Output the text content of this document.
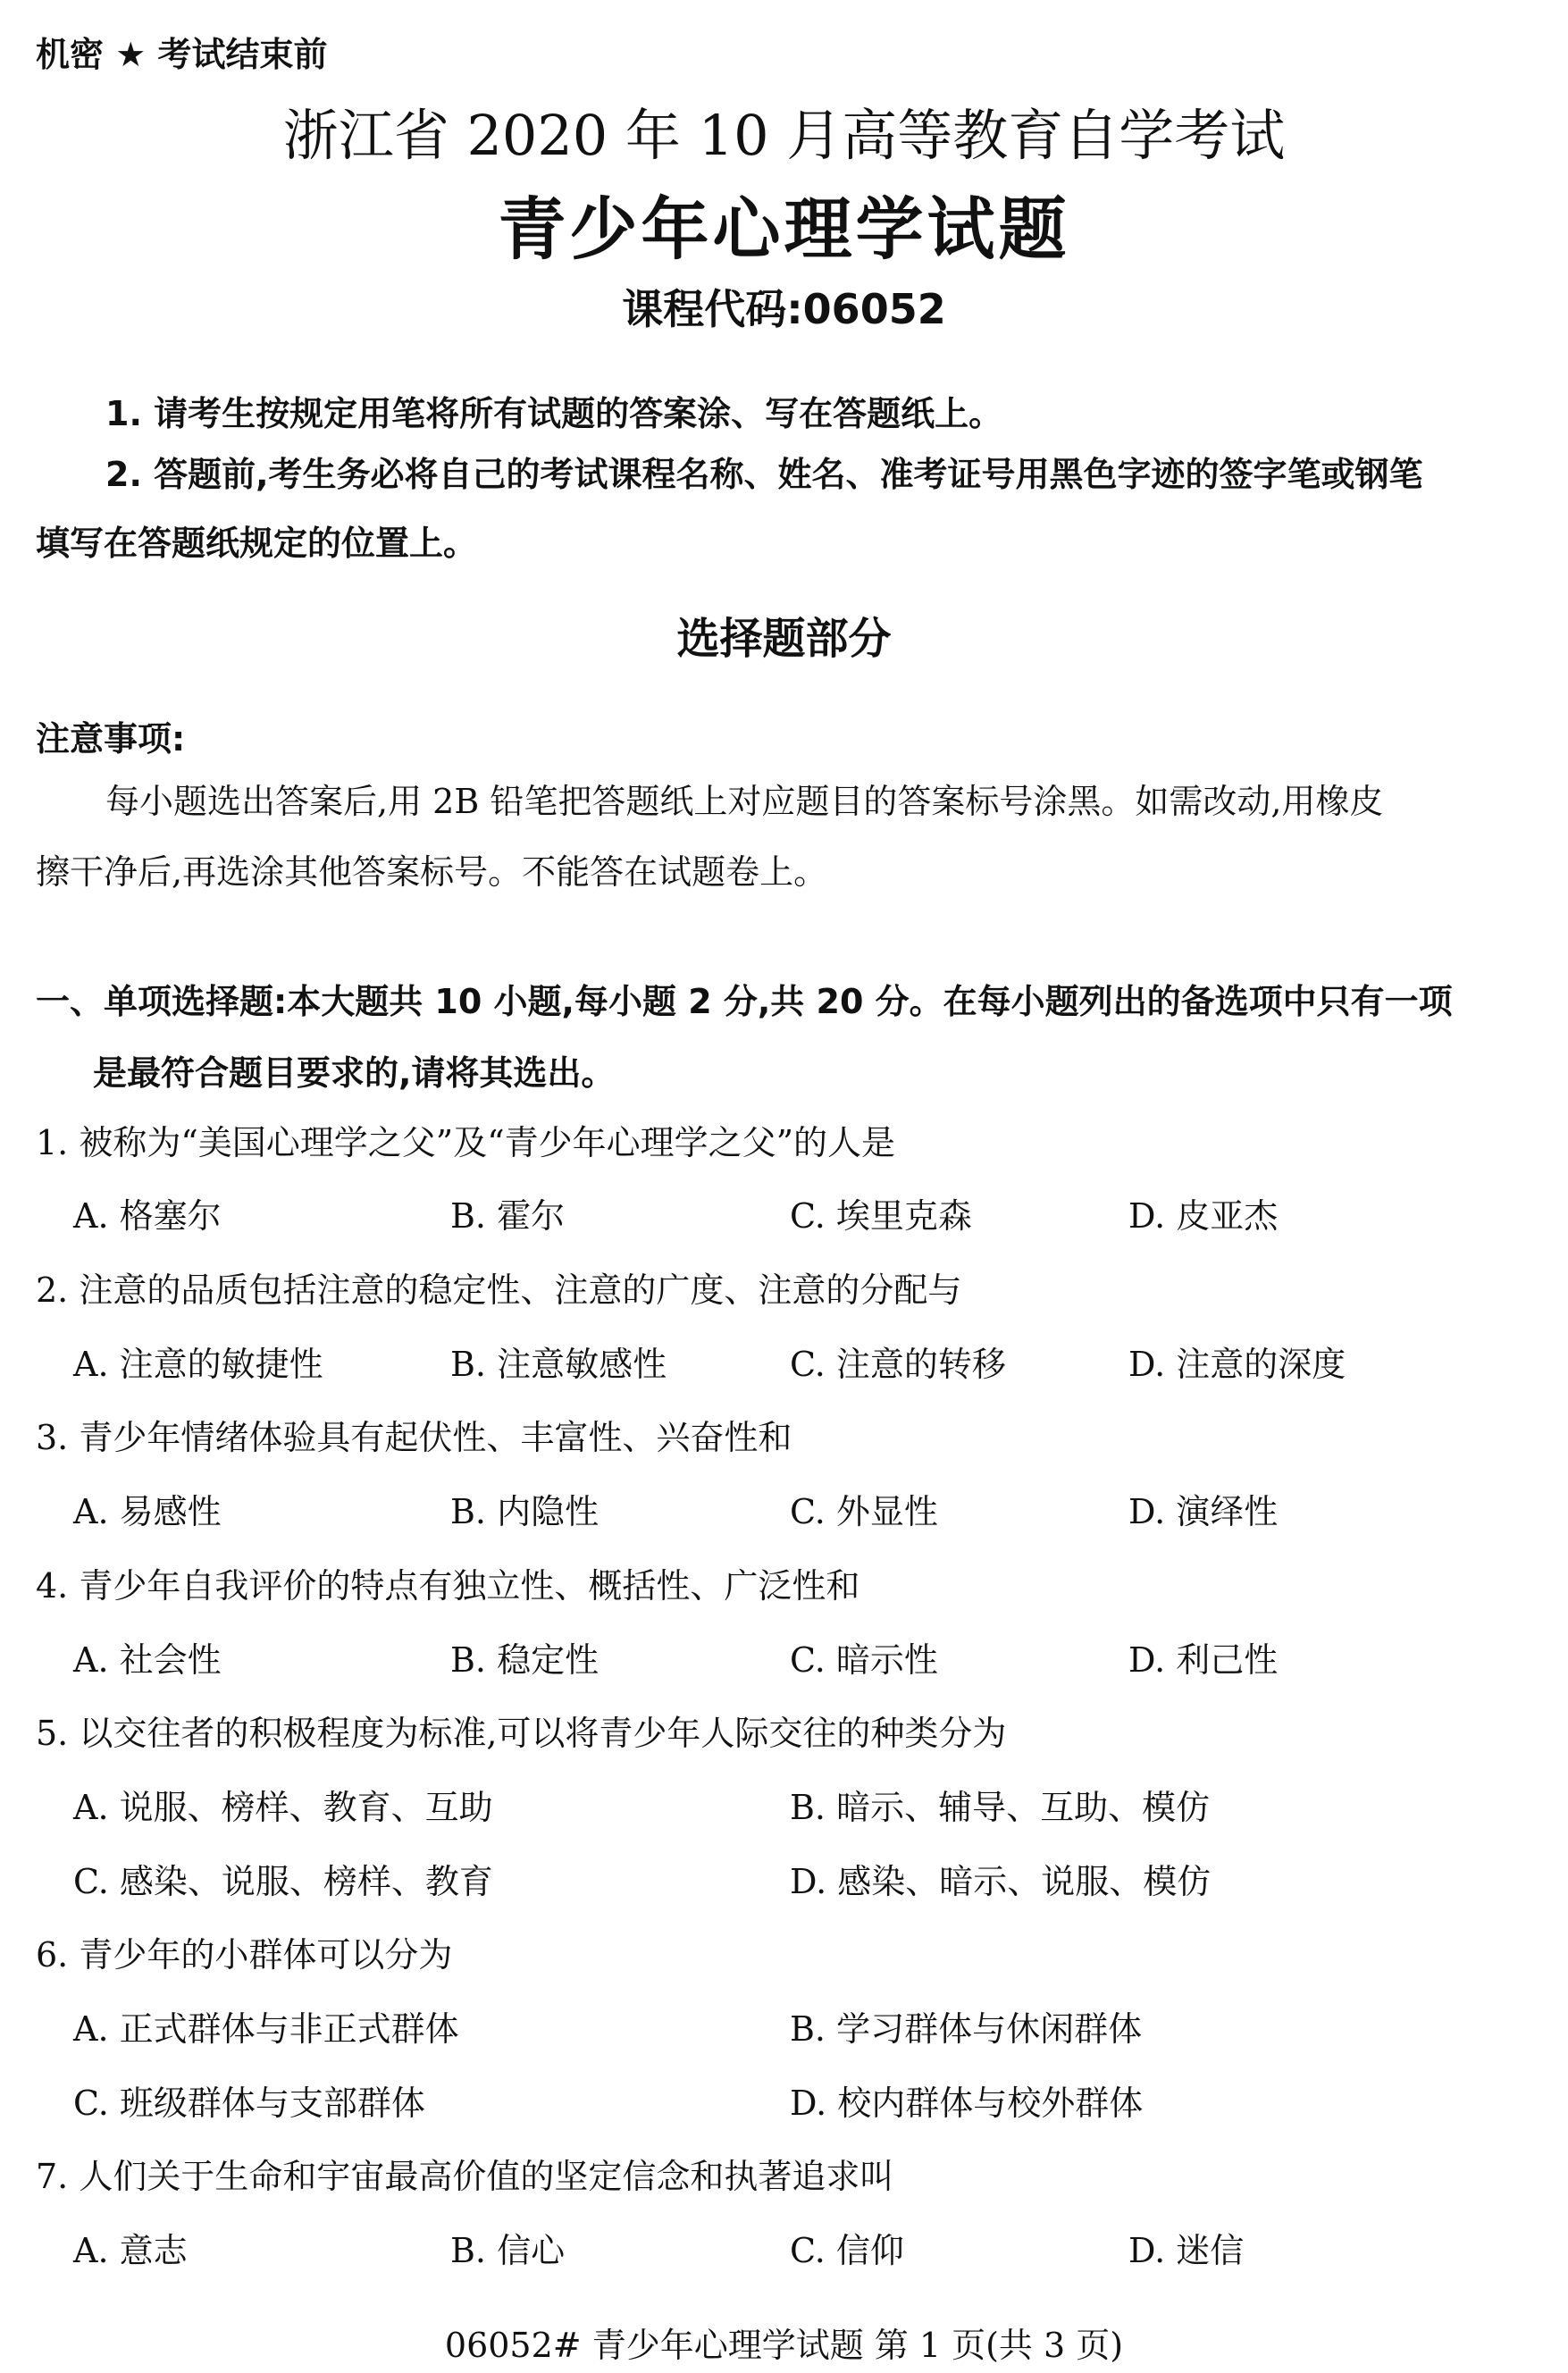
机密 ★ 考试结束前
浙江省 2020 年 10 月高等教育自学考试
青少年心理学试题
课程代码:06052
1. 请考生按规定用笔将所有试题的答案涂、写在答题纸上。
2. 答题前,考生务必将自己的考试课程名称、姓名、准考证号用黑色字迹的签字笔或钢笔
填写在答题纸规定的位置上。
选择题部分
注意事项:
每小题选出答案后,用 2B 铅笔把答题纸上对应题目的答案标号涂黑。如需改动,用橡皮
擦干净后,再选涂其他答案标号。不能答在试题卷上。
一、单项选择题:本大题共 10 小题,每小题 2 分,共 20 分。在每小题列出的备选项中只有一项
是最符合题目要求的,请将其选出。
1. 被称为“美国心理学之父”及“青少年心理学之父”的人是
A. 格塞尔	B. 霍尔	C. 埃里克森	D. 皮亚杰
2. 注意的品质包括注意的稳定性、注意的广度、注意的分配与
A. 注意的敏捷性	B. 注意敏感性	C. 注意的转移	D. 注意的深度
3. 青少年情绪体验具有起伏性、丰富性、兴奋性和
A. 易感性	B. 内隐性	C. 外显性	D. 演绎性
4. 青少年自我评价的特点有独立性、概括性、广泛性和
A. 社会性	B. 稳定性	C. 暗示性	D. 利己性
5. 以交往者的积极程度为标准,可以将青少年人际交往的种类分为
A. 说服、榜样、教育、互助	B. 暗示、辅导、互助、模仿
C. 感染、说服、榜样、教育	D. 感染、暗示、说服、模仿
6. 青少年的小群体可以分为
A. 正式群体与非正式群体	B. 学习群体与休闲群体
C. 班级群体与支部群体	D. 校内群体与校外群体
7. 人们关于生命和宇宙最高价值的坚定信念和执著追求叫
A. 意志	B. 信心	C. 信仰	D. 迷信
06052# 青少年心理学试题 第 1 页(共 3 页)
